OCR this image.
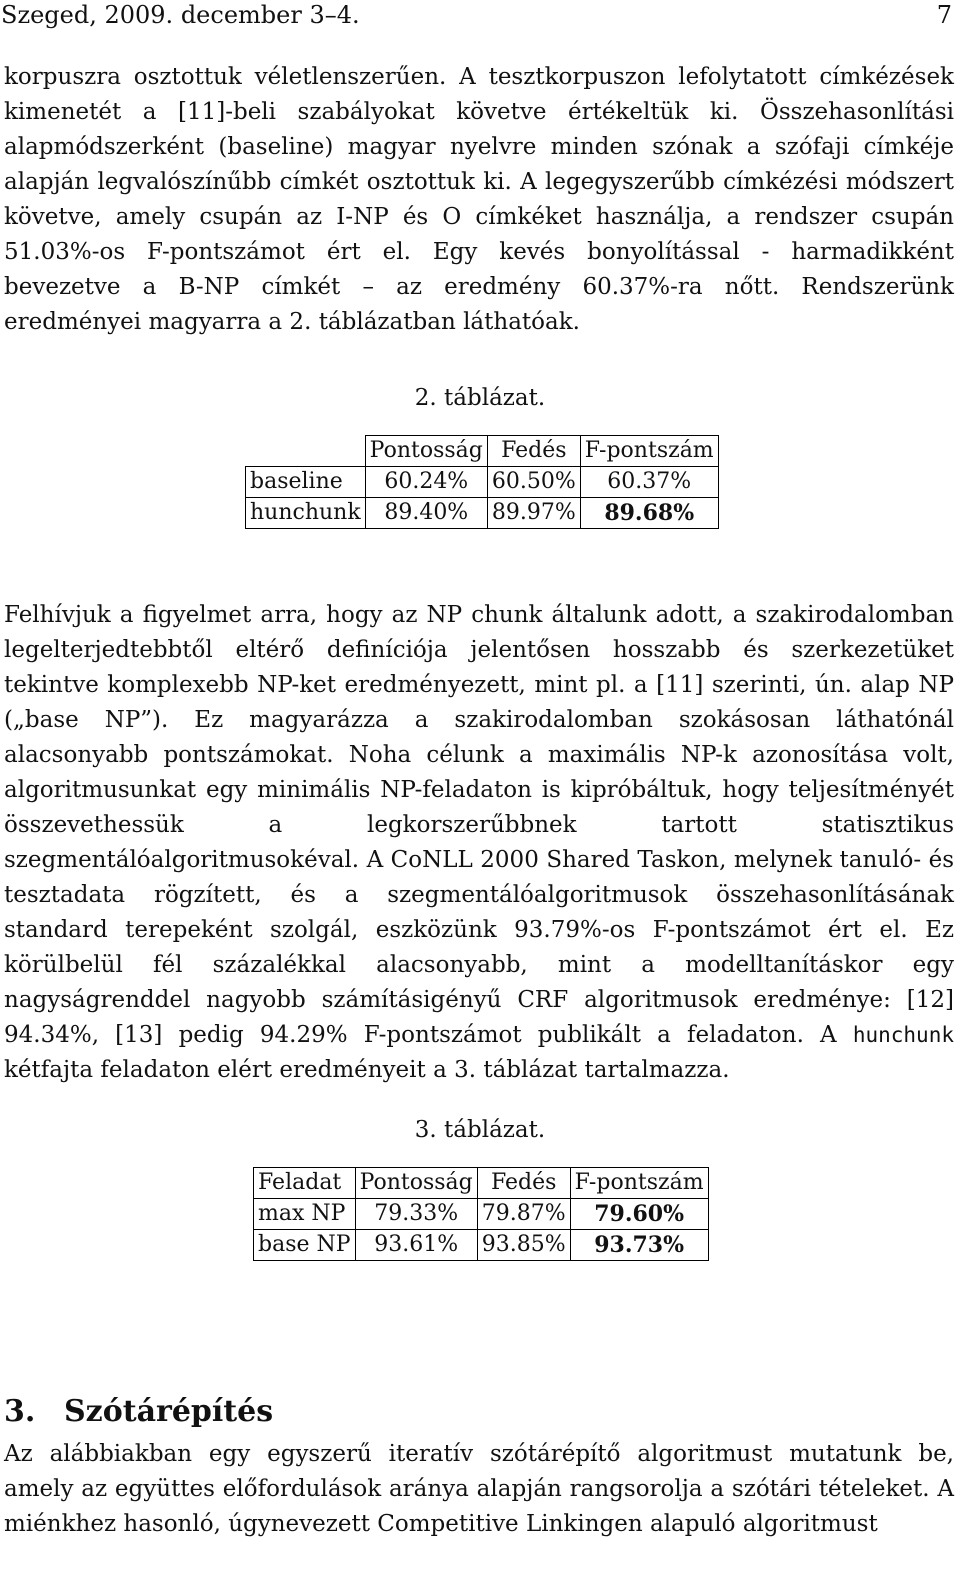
Szeged, 2009. december 3–4.	7

korpuszra osztottuk véletlenszerűen. A tesztkorpuszon lefolytatott címkézések kimenetét a [11]-beli szabályokat követve értékeltük ki. Összehasonlítási alapmódszerként (baseline) magyar nyelvre minden szónak a szófaji címkéje alapján legvalószínűbb címkét osztottuk ki. A legegyszerűbb címkézési módszert követve, amely csupán az I-NP és O címkéket használja, a rendszer csupán 51.03%-os F-pontszámot ért el. Egy kevés bonyolítással - harmadikként bevezetve a B-NP címkét – az eredmény 60.37%-ra nőtt. Rendszerünk eredményei magyarra a 2. táblázatban láthatóak.

2. táblázat.
	Pontosság	Fedés	F-pontszám
baseline	60.24%	60.50%	60.37%
hunchunk	89.40%	89.97%	89.68%

Felhívjuk a figyelmet arra, hogy az NP chunk általunk adott, a szakirodalomban legelterjedtebbtől eltérő definíciója jelentősen hosszabb és szerkezetüket tekintve komplexebb NP-ket eredményezett, mint pl. a [11] szerinti, ún. alap NP („base NP”). Ez magyarázza a szakirodalomban szokásosan láthatónál alacsonyabb pontszámokat. Noha célunk a maximális NP-k azonosítása volt, algoritmusunkat egy minimális NP-feladaton is kipróbáltuk, hogy teljesítményét összevethessük a legkorszerűbbnek tartott statisztikus szegmentálóalgoritmusokéval. A CoNLL 2000 Shared Taskon, melynek tanuló- és tesztadata rögzített, és a szegmentálóalgoritmusok összehasonlításának standard terepeként szolgál, eszközünk 93.79%-os F-pontszámot ért el. Ez körülbelül fél százalékkal alacsonyabb, mint a modelltanításkor egy nagyságrenddel nagyobb számításigényű CRF algoritmusok eredménye: [12] 94.34%, [13] pedig 94.29% F-pontszámot publikált a feladaton. A hunchunk kétfajta feladaton elért eredményeit a 3. táblázat tartalmazza.

3. táblázat.
Feladat	Pontosság	Fedés	F-pontszám
max NP	79.33%	79.87%	79.60%
base NP	93.61%	93.85%	93.73%
3. Szótárépítés

Az alábbiakban egy egyszerű iteratív szótárépítő algoritmust mutatunk be, amely az együttes előfordulások aránya alapján rangsorolja a szótári tételeket. A miénkhez hasonló, úgynevezett Competitive Linkingen alapuló algoritmust
